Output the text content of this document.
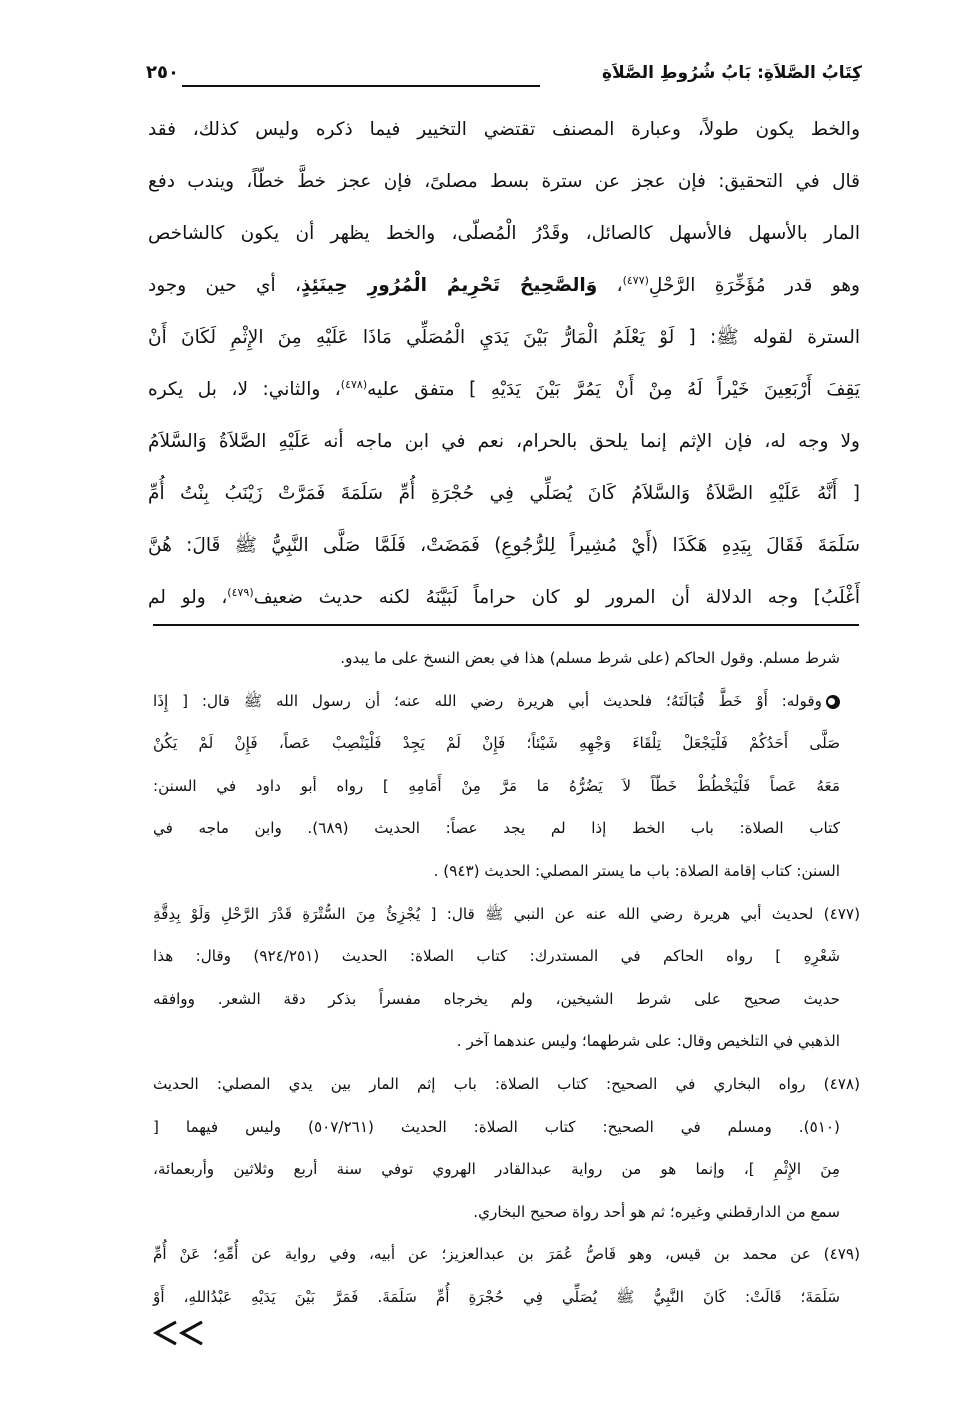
كِتَابُ الصَّلاَةِ: بَابُ شُرُوطِ الصَّلاَةِ
٢٥٠
والخط يكون طولاً، وعبارة المصنف تقتضي التخيير فيما ذكره وليس كذلك، فقد
قال في التحقيق: فإن عجز عن سترة بسط مصلىً، فإن عجز خطَّ خطّاً، ويندب دفع
المار بالأسهل فالأسهل كالصائل، وقَدْرُ الْمُصلّى، والخط يظهر أن يكون كالشاخص
وهو قدر مُؤَخِّرَةِ الرَّحْلِ$^{(٤٧٧)}$، وَالصَّحِيحُ تَحْرِيمُ الْمُرُورِ حِينَئِذٍ، أي حين وجود
السترة لقوله ﷺ: [ لَوْ يَعْلَمُ الْمَارُّ بَيْنَ يَدَيِ الْمُصَلِّي مَاذَا عَلَيْهِ مِنَ الإِثْمِ لَكَانَ أَنْ
يَقِفَ أَرْبَعِينَ خَيْراً لَهُ مِنْ أَنْ يَمُرَّ بَيْنَ يَدَيْهِ ] متفق عليه$^{(٤٧٨)}$، والثاني: لا، بل يكره
ولا وجه له، فإن الإثم إنما يلحق بالحرام، نعم في ابن ماجه أنه عَلَيْهِ الصَّلاَةُ وَالسَّلاَمُ
[ أَنَّهُ عَلَيْهِ الصَّلاَةُ وَالسَّلاَمُ كَانَ يُصَلِّي فِي حُجْرَةِ أُمِّ سَلَمَةَ فَمَرَّتْ زَيْنَبُ بِنْتُ أُمِّ
سَلَمَةَ فَقَالَ بِيَدِهِ هَكَذَا (أَيْ مُشِيراً لِلرُّجُوعِ) فَمَضَتْ، فَلَمَّا صَلَّى النَّبِيُّ ﷺ قَالَ: هُنَّ
أَغْلَبُ] وجه الدلالة أن المرور لو كان حراماً لَبَيَّنَهُ لكنه حديث ضعيف$^{(٤٧٩)}$، ولو لم
شرط مسلم. وقول الحاكم (على شرط مسلم) هذا في بعض النسخ على ما يبدو.
وقوله: أَوْ خَطَّ قُبَالَتَهُ؛ فلحديث أبي هريرة رضي الله عنه؛ أن رسول الله ﷺ قال: [ إِذَا
صَلَّى أَحَدُكُمْ فَلْيَجْعَلْ تِلْقَاءَ وَجْهِهِ شَيْئاً؛ فَإِنْ لَمْ يَجِدْ فَلْيَنْصِبْ عَصاً، فَإِنْ لَمْ يَكُنْ
مَعَهُ عَصاً فَلْيَخْطُطْ خَطّاً لاَ يَضُرُّهُ مَا مَرَّ مِنْ أَمَامِهِ ] رواه أبو داود في السنن:
كتاب الصلاة: باب الخط إذا لم يجد عصاً: الحديث (٦٨٩). وابن ماجه في
السنن: كتاب إقامة الصلاة: باب ما يستر المصلي: الحديث (٩٤٣) .
(٤٧٧) لحديث أبي هريرة رضي الله عنه عن النبي ﷺ قال: [ يُجْزِئُ مِنَ السُّتْرَةِ قَدْرَ الرَّحْلِ وَلَوْ بِدِقَّةِ
شَعْرِهِ ] رواه الحاكم في المستدرك: كتاب الصلاة: الحديث (٩٢٤/٢٥١) وقال: هذا
حديث صحيح على شرط الشيخين، ولم يخرجاه مفسراً بذكر دقة الشعر. ووافقه
الذهبي في التلخيص وقال: على شرطهما؛ وليس عندهما آخر .
(٤٧٨) رواه البخاري في الصحيح: كتاب الصلاة: باب إثم المار بين يدي المصلي: الحديث
(٥١٠). ومسلم في الصحيح: كتاب الصلاة: الحديث (٥٠٧/٢٦١) وليس فيهما [
مِنَ الإِثْمِ ]، وإنما هو من رواية عبدالقادر الهروي توفي سنة أربع وثلاثين وأربعمائة،
سمع من الدارقطني وغيره؛ ثم هو أحد رواة صحيح البخاري.
(٤٧٩) عن محمد بن قيس، وهو قَاصُّ عُمَرَ بن عبدالعزيز؛ عن أبيه، وفي رواية عن أُمِّهِ؛ عَنْ أُمِّ
سَلَمَةَ؛ قَالَتْ: كَانَ النَّبِيُّ ﷺ يُصَلِّي فِي حُجْرَةِ أُمِّ سَلَمَةَ. فَمَرَّ بَيْنَ يَدَيْهِ عَبْدُاللهِ، أَوْ
